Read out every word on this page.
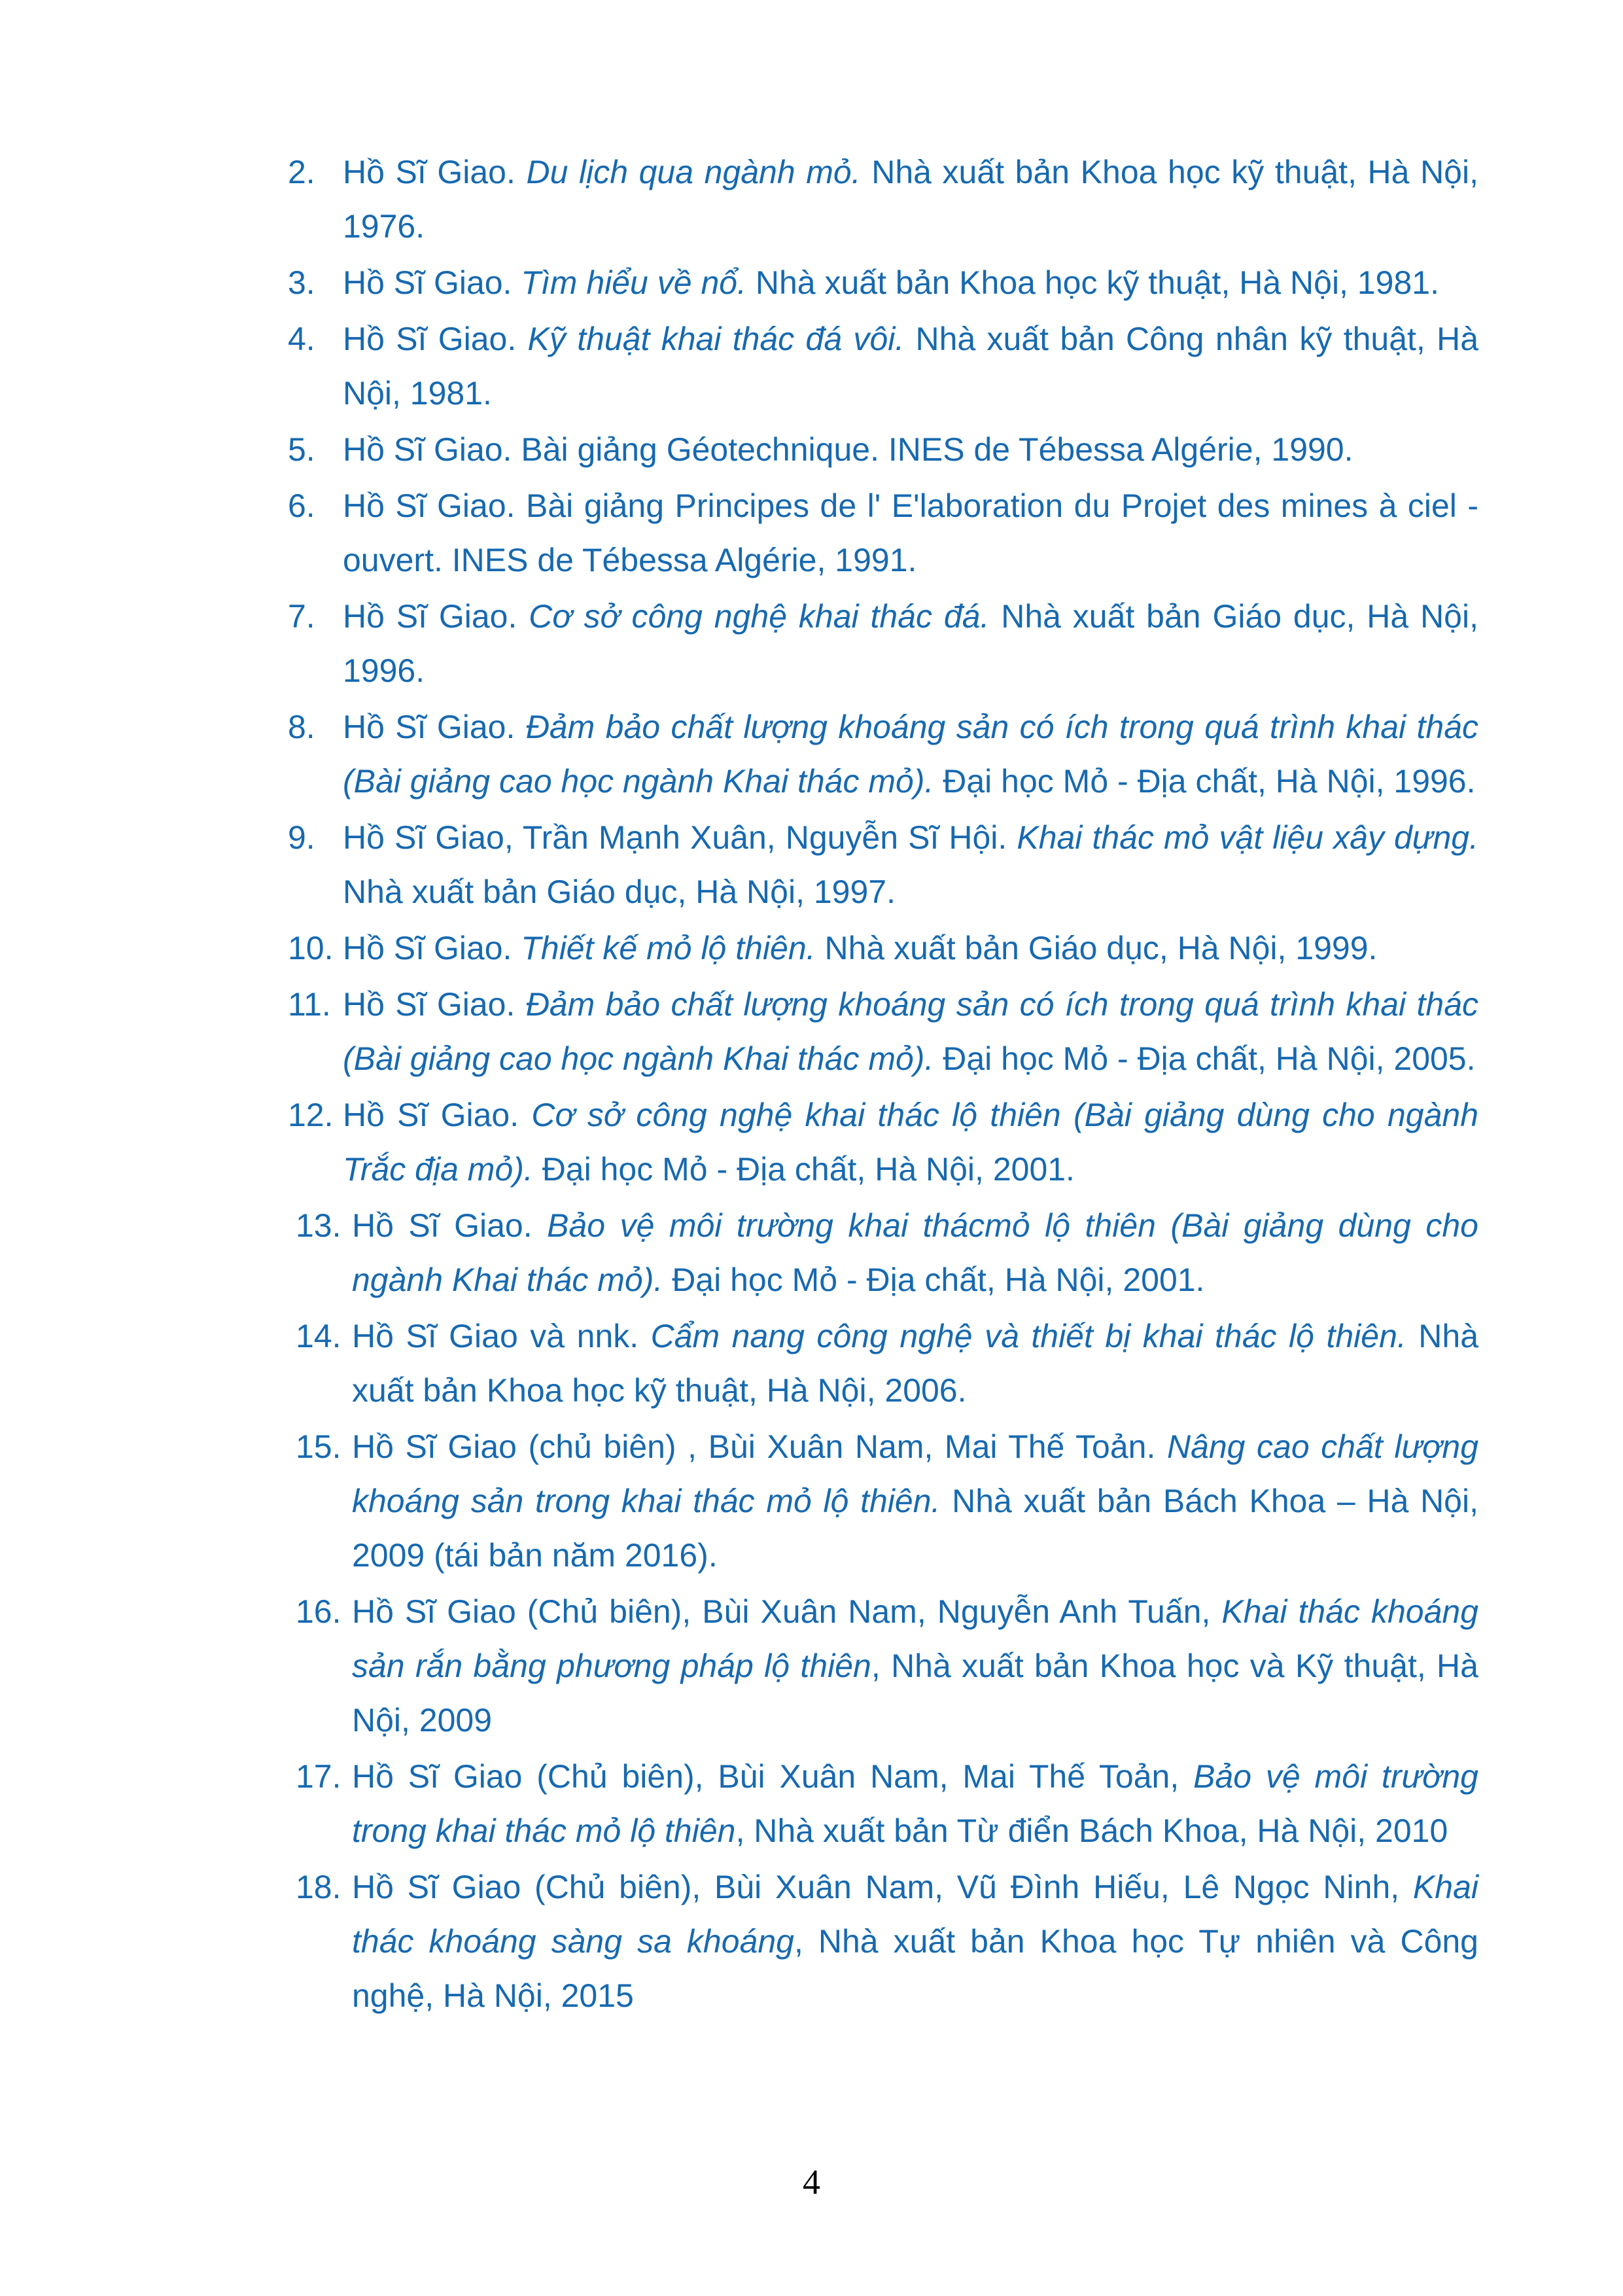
2. Hồ Sĩ Giao. Du lịch qua ngành mỏ. Nhà xuất bản Khoa học kỹ thuật, Hà Nội, 1976.
3. Hồ Sĩ Giao. Tìm hiểu về nổ. Nhà xuất bản Khoa học kỹ thuật, Hà Nội, 1981.
4. Hồ Sĩ Giao. Kỹ thuật khai thác đá vôi. Nhà xuất bản Công nhân kỹ thuật, Hà Nội, 1981.
5. Hồ Sĩ Giao. Bài giảng Géotechnique. INES de Tébessa Algérie, 1990.
6. Hồ Sĩ Giao. Bài giảng Principes de l' E'laboration du Projet des mines à ciel - ouvert. INES de Tébessa Algérie, 1991.
7. Hồ Sĩ Giao. Cơ sở công nghệ khai thác đá. Nhà xuất bản Giáo dục, Hà Nội, 1996.
8. Hồ Sĩ Giao. Đảm bảo chất lượng khoáng sản có ích trong quá trình khai thác (Bài giảng cao học ngành Khai thác mỏ). Đại học Mỏ - Địa chất, Hà Nội, 1996.
9. Hồ Sĩ Giao, Trần Mạnh Xuân, Nguyễn Sĩ Hội. Khai thác mỏ vật liệu xây dựng. Nhà xuất bản Giáo dục, Hà Nội, 1997.
10. Hồ Sĩ Giao. Thiết kế mỏ lộ thiên. Nhà xuất bản Giáo dục, Hà Nội, 1999.
11. Hồ Sĩ Giao. Đảm bảo chất lượng khoáng sản có ích trong quá trình khai thác (Bài giảng cao học ngành Khai thác mỏ). Đại học Mỏ - Địa chất, Hà Nội, 2005.
12. Hồ Sĩ Giao. Cơ sở công nghệ khai thác lộ thiên (Bài giảng dùng cho ngành Trắc địa mỏ). Đại học Mỏ - Địa chất, Hà Nội, 2001.
13. Hồ Sĩ Giao. Bảo vệ môi trường khai thácmỏ lộ thiên (Bài giảng dùng cho ngành Khai thác mỏ). Đại học Mỏ - Địa chất, Hà Nội, 2001.
14. Hồ Sĩ Giao và nnk. Cẩm nang công nghệ và thiết bị khai thác lộ thiên. Nhà xuất bản Khoa học kỹ thuật, Hà Nội, 2006.
15. Hồ Sĩ Giao (chủ biên) , Bùi Xuân Nam, Mai Thế Toản. Nâng cao chất lượng khoáng sản trong khai thác mỏ lộ thiên. Nhà xuất bản Bách Khoa – Hà Nội, 2009 (tái bản năm 2016).
16. Hồ Sĩ Giao (Chủ biên), Bùi Xuân Nam, Nguyễn Anh Tuấn, Khai thác khoáng sản rắn bằng phương pháp lộ thiên, Nhà xuất bản Khoa học và Kỹ thuật, Hà Nội, 2009
17. Hồ Sĩ Giao (Chủ biên), Bùi Xuân Nam, Mai Thế Toản, Bảo vệ môi trường trong khai thác mỏ lộ thiên, Nhà xuất bản Từ điển Bách Khoa, Hà Nội, 2010
18. Hồ Sĩ Giao (Chủ biên), Bùi Xuân Nam, Vũ Đình Hiếu, Lê Ngọc Ninh, Khai thác khoáng sàng sa khoáng, Nhà xuất bản Khoa học Tự nhiên và Công nghệ, Hà Nội, 2015
4
